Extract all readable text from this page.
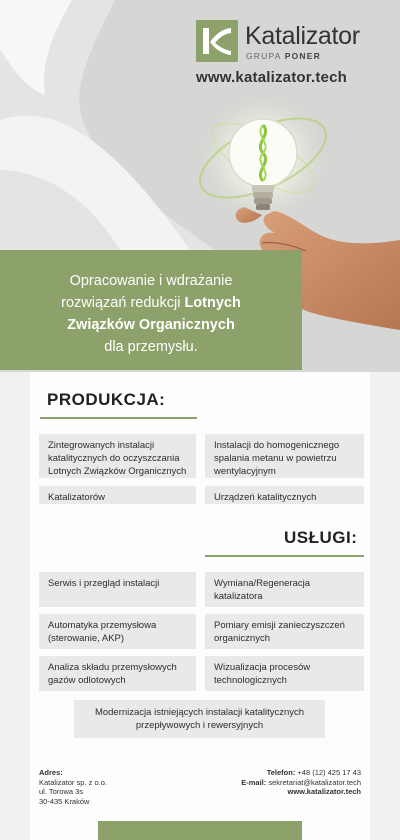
Katalizator
GRUPA PONER
www.katalizator.tech
Opracowanie i wdrażanie
rozwiązań redukcji Lotnych
Związków Organicznych
dla przemysłu.
PRODUKCJA:
Zintegrowanych instalacji katalitycznych do oczyszczania Lotnych Związków Organicznych
Instalacji do homogenicznego spalania metanu w powietrzu wentylacyjnym
Katalizatorów	Urządzeń katalitycznych
USŁUGI:
Serwis i przegląd instalacji	Wymiana/Regeneracja katalizatora
Automatyka przemysłowa (sterowanie, AKP)
Pomiary emisji zanieczyszczeń organicznych
Analiza składu przemysłowych gazów odlotowych
Wizualizacja procesów technologicznych
Modernizacja istniejących instalacji katalitycznych przepływowych i rewersyjnych
Adres:
Katalizator sp. z o.o.
ul. Torowa 3s
30-435 Kraków
Telefon: +48 (12) 425 17 43
E-mail: sekretariat@katalizator.tech
www.katalizator.tech
